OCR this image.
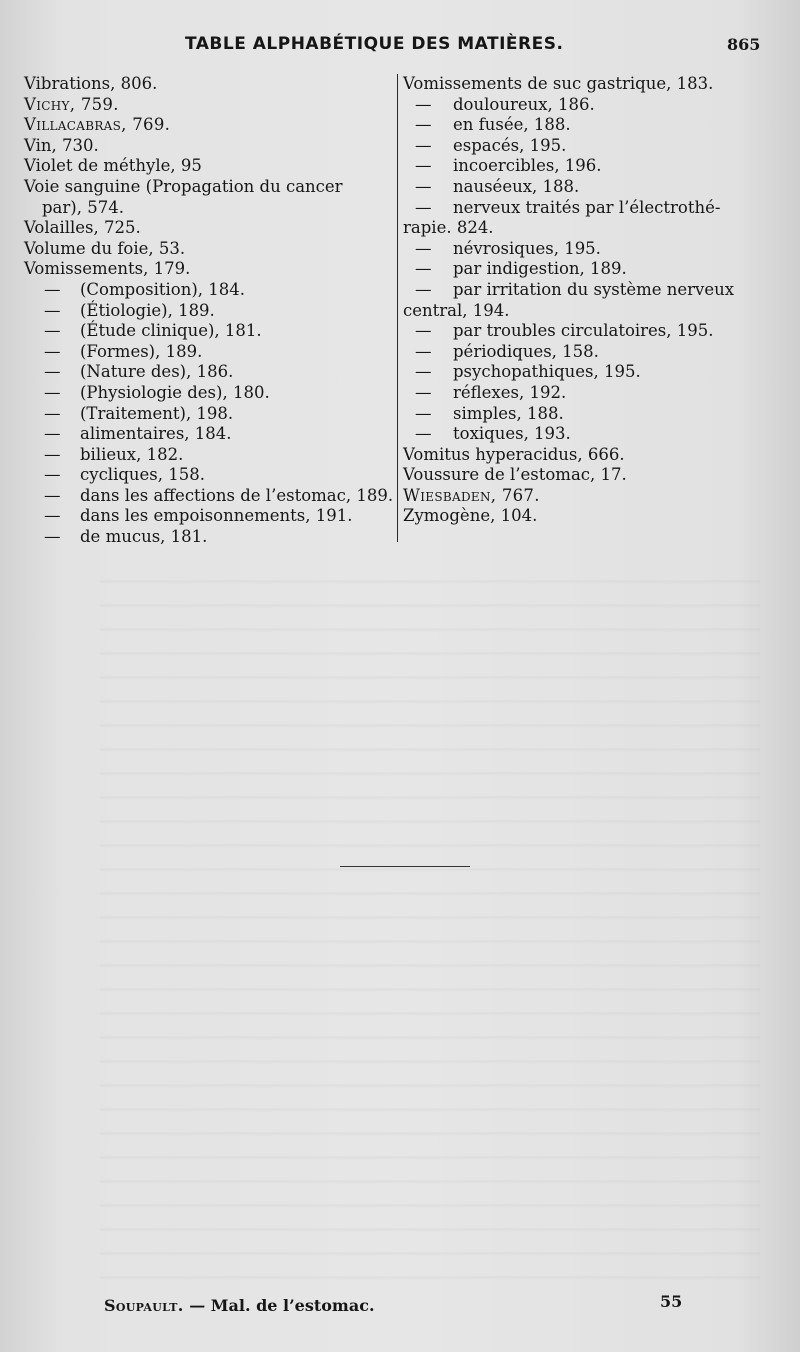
TABLE ALPHABÉTIQUE DES MATIÈRES.	865
Vibrations, 806.
Vichy, 759.
Villacabras, 769.
Vin, 730.
Violet de méthyle, 95
Voie sanguine (Propagation du cancer par), 574.
Volailles, 725.
Volume du foie, 53.
Vomissements, 179.
— (Composition), 184.
— (Étiologie), 189.
— (Étude clinique), 181.
— (Formes), 189.
— (Nature des), 186.
— (Physiologie des), 180.
— (Traitement), 198.
— alimentaires, 184.
— bilieux, 182.
— cycliques, 158.
— dans les affections de l’estomac, 189.
— dans les empoisonnements, 191.
— de mucus, 181.
Vomissements de suc gastrique, 183.
— douloureux, 186.
— en fusée, 188.
— espacés, 195.
— incoercibles, 196.
— nauséeux, 188.
— nerveux traités par l’électrothé-
rapie. 824.
— névrosiques, 195.
— par indigestion, 189.
— par irritation du système nerveux
central, 194.
— par troubles circulatoires, 195.
— périodiques, 158.
— psychopathiques, 195.
— réflexes, 192.
— simples, 188.
— toxiques, 193.
Vomitus hyperacidus, 666.
Voussure de l’estomac, 17.
Wiesbaden, 767.
Zymogène, 104.
Soupault. — Mal. de l’estomac.	55
